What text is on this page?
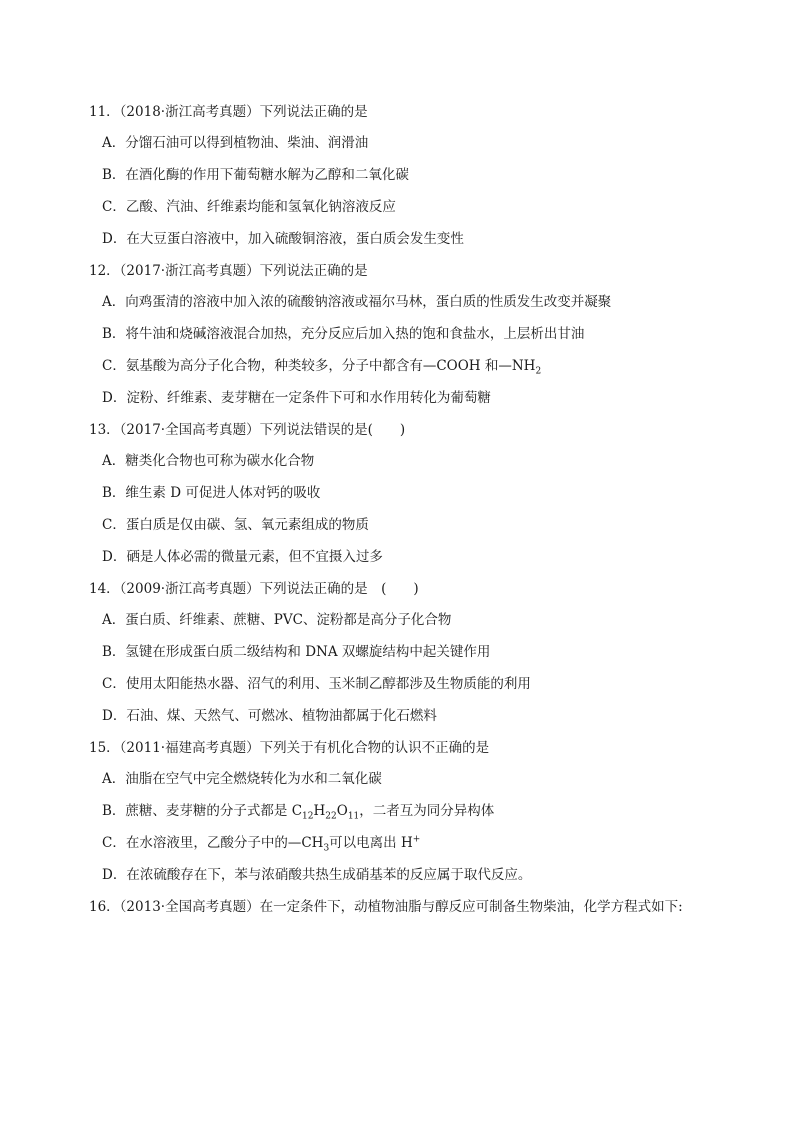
11．（2018·浙江高考真题）下列说法正确的是
A．分馏石油可以得到植物油、柴油、润滑油
B．在酒化酶的作用下葡萄糖水解为乙醇和二氧化碳
C．乙酸、汽油、纤维素均能和氢氧化钠溶液反应
D．在大豆蛋白溶液中，加入硫酸铜溶液，蛋白质会发生变性
12．（2017·浙江高考真题）下列说法正确的是
A．向鸡蛋清的溶液中加入浓的硫酸钠溶液或福尔马林，蛋白质的性质发生改变并凝聚
B．将牛油和烧碱溶液混合加热，充分反应后加入热的饱和食盐水，上层析出甘油
C．氨基酸为高分子化合物，种类较多，分子中都含有—COOH 和$—NH_2$
D．淀粉、纤维素、麦芽糖在一定条件下可和水作用转化为葡萄糖
13．（2017·全国高考真题）下列说法错误的是(　　)
A．糖类化合物也可称为碳水化合物
B．维生素 D 可促进人体对钙的吸收
C．蛋白质是仅由碳、氢、氧元素组成的物质
D．硒是人体必需的微量元素，但不宜摄入过多
14．（2009·浙江高考真题）下列说法正确的是　(　　)
A．蛋白质、纤维素、蔗糖、PVC、淀粉都是高分子化合物
B．氢键在形成蛋白质二级结构和 DNA 双螺旋结构中起关键作用
C．使用太阳能热水器、沼气的利用、玉米制乙醇都涉及生物质能的利用
D．石油、煤、天然气、可燃冰、植物油都属于化石燃料
15．（2011·福建高考真题）下列关于有机化合物的认识不正确的是
A．油脂在空气中完全燃烧转化为水和二氧化碳
B．蔗糖、麦芽糖的分子式都是 $C_{12}H_{22}O_{11}$，二者互为同分异构体
C．在水溶液里，乙酸分子中的$—CH_3$可以电离出 H+
D．在浓硫酸存在下，苯与浓硝酸共热生成硝基苯的反应属于取代反应。
16．（2013·全国高考真题）在一定条件下，动植物油脂与醇反应可制备生物柴油，化学方程式如下:
